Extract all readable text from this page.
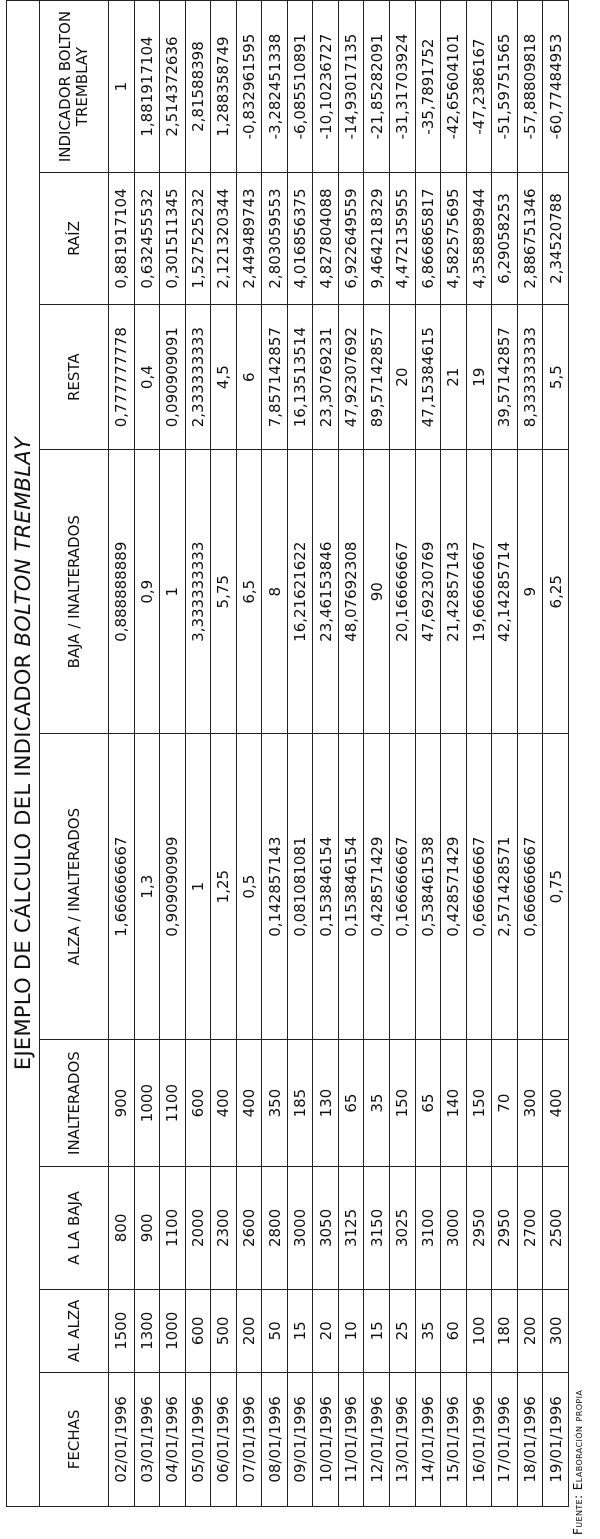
EJEMPLO DE CÁLCULO DEL INDICADOR BOLTON TREMBLAY								
FECHAS	AL ALZA	A LA BAJA	INALTERADOS	ALZA / INALTERADOS	BAJA / INALTERADOS	RESTA	RAÍZ	INDICADOR BOLTON TREMBLAY
02/01/1996	1500	800	900	1,666666667	0,888888889	0,777777778	0,881917104	1
03/01/1996	1300	900	1000	1,3	0,9	0,4	0,632455532	1,881917104
04/01/1996	1000	1100	1100	0,909090909	1	0,090909091	0,301511345	2,514372636
05/01/1996	600	2000	600	1	3,333333333	2,333333333	1,527525232	2,81588398
06/01/1996	500	2300	400	1,25	5,75	4,5	2,121320344	1,288358749
07/01/1996	200	2600	400	0,5	6,5	6	2,449489743	-0,832961595
08/01/1996	50	2800	350	0,142857143	8	7,857142857	2,803059553	-3,282451338
09/01/1996	15	3000	185	0,081081081	16,21621622	16,13513514	4,016856375	-6,085510891
10/01/1996	20	3050	130	0,153846154	23,46153846	23,30769231	4,827804088	-10,10236727
11/01/1996	10	3125	65	0,153846154	48,07692308	47,92307692	6,922649559	-14,93017135
12/01/1996	15	3150	35	0,428571429	90	89,57142857	9,464218329	-21,85282091
13/01/1996	25	3025	150	0,166666667	20,16666667	20	4,472135955	-31,31703924
14/01/1996	35	3100	65	0,538461538	47,69230769	47,15384615	6,866865817	-35,7891752
15/01/1996	60	3000	140	0,428571429	21,42857143	21	4,582575695	-42,65604101
16/01/1996	100	2950	150	0,666666667	19,66666667	19	4,358898944	-47,2386167
17/01/1996	180	2950	70	2,571428571	42,14285714	39,57142857	6,29058253	-51,59751565
18/01/1996	200	2700	300	0,666666667	9	8,333333333	2,886751346	-57,88809818
19/01/1996	300	2500	400	0,75	6,25	5,5	2,34520788	-60,77484953
Fuente: Elaboración propia
